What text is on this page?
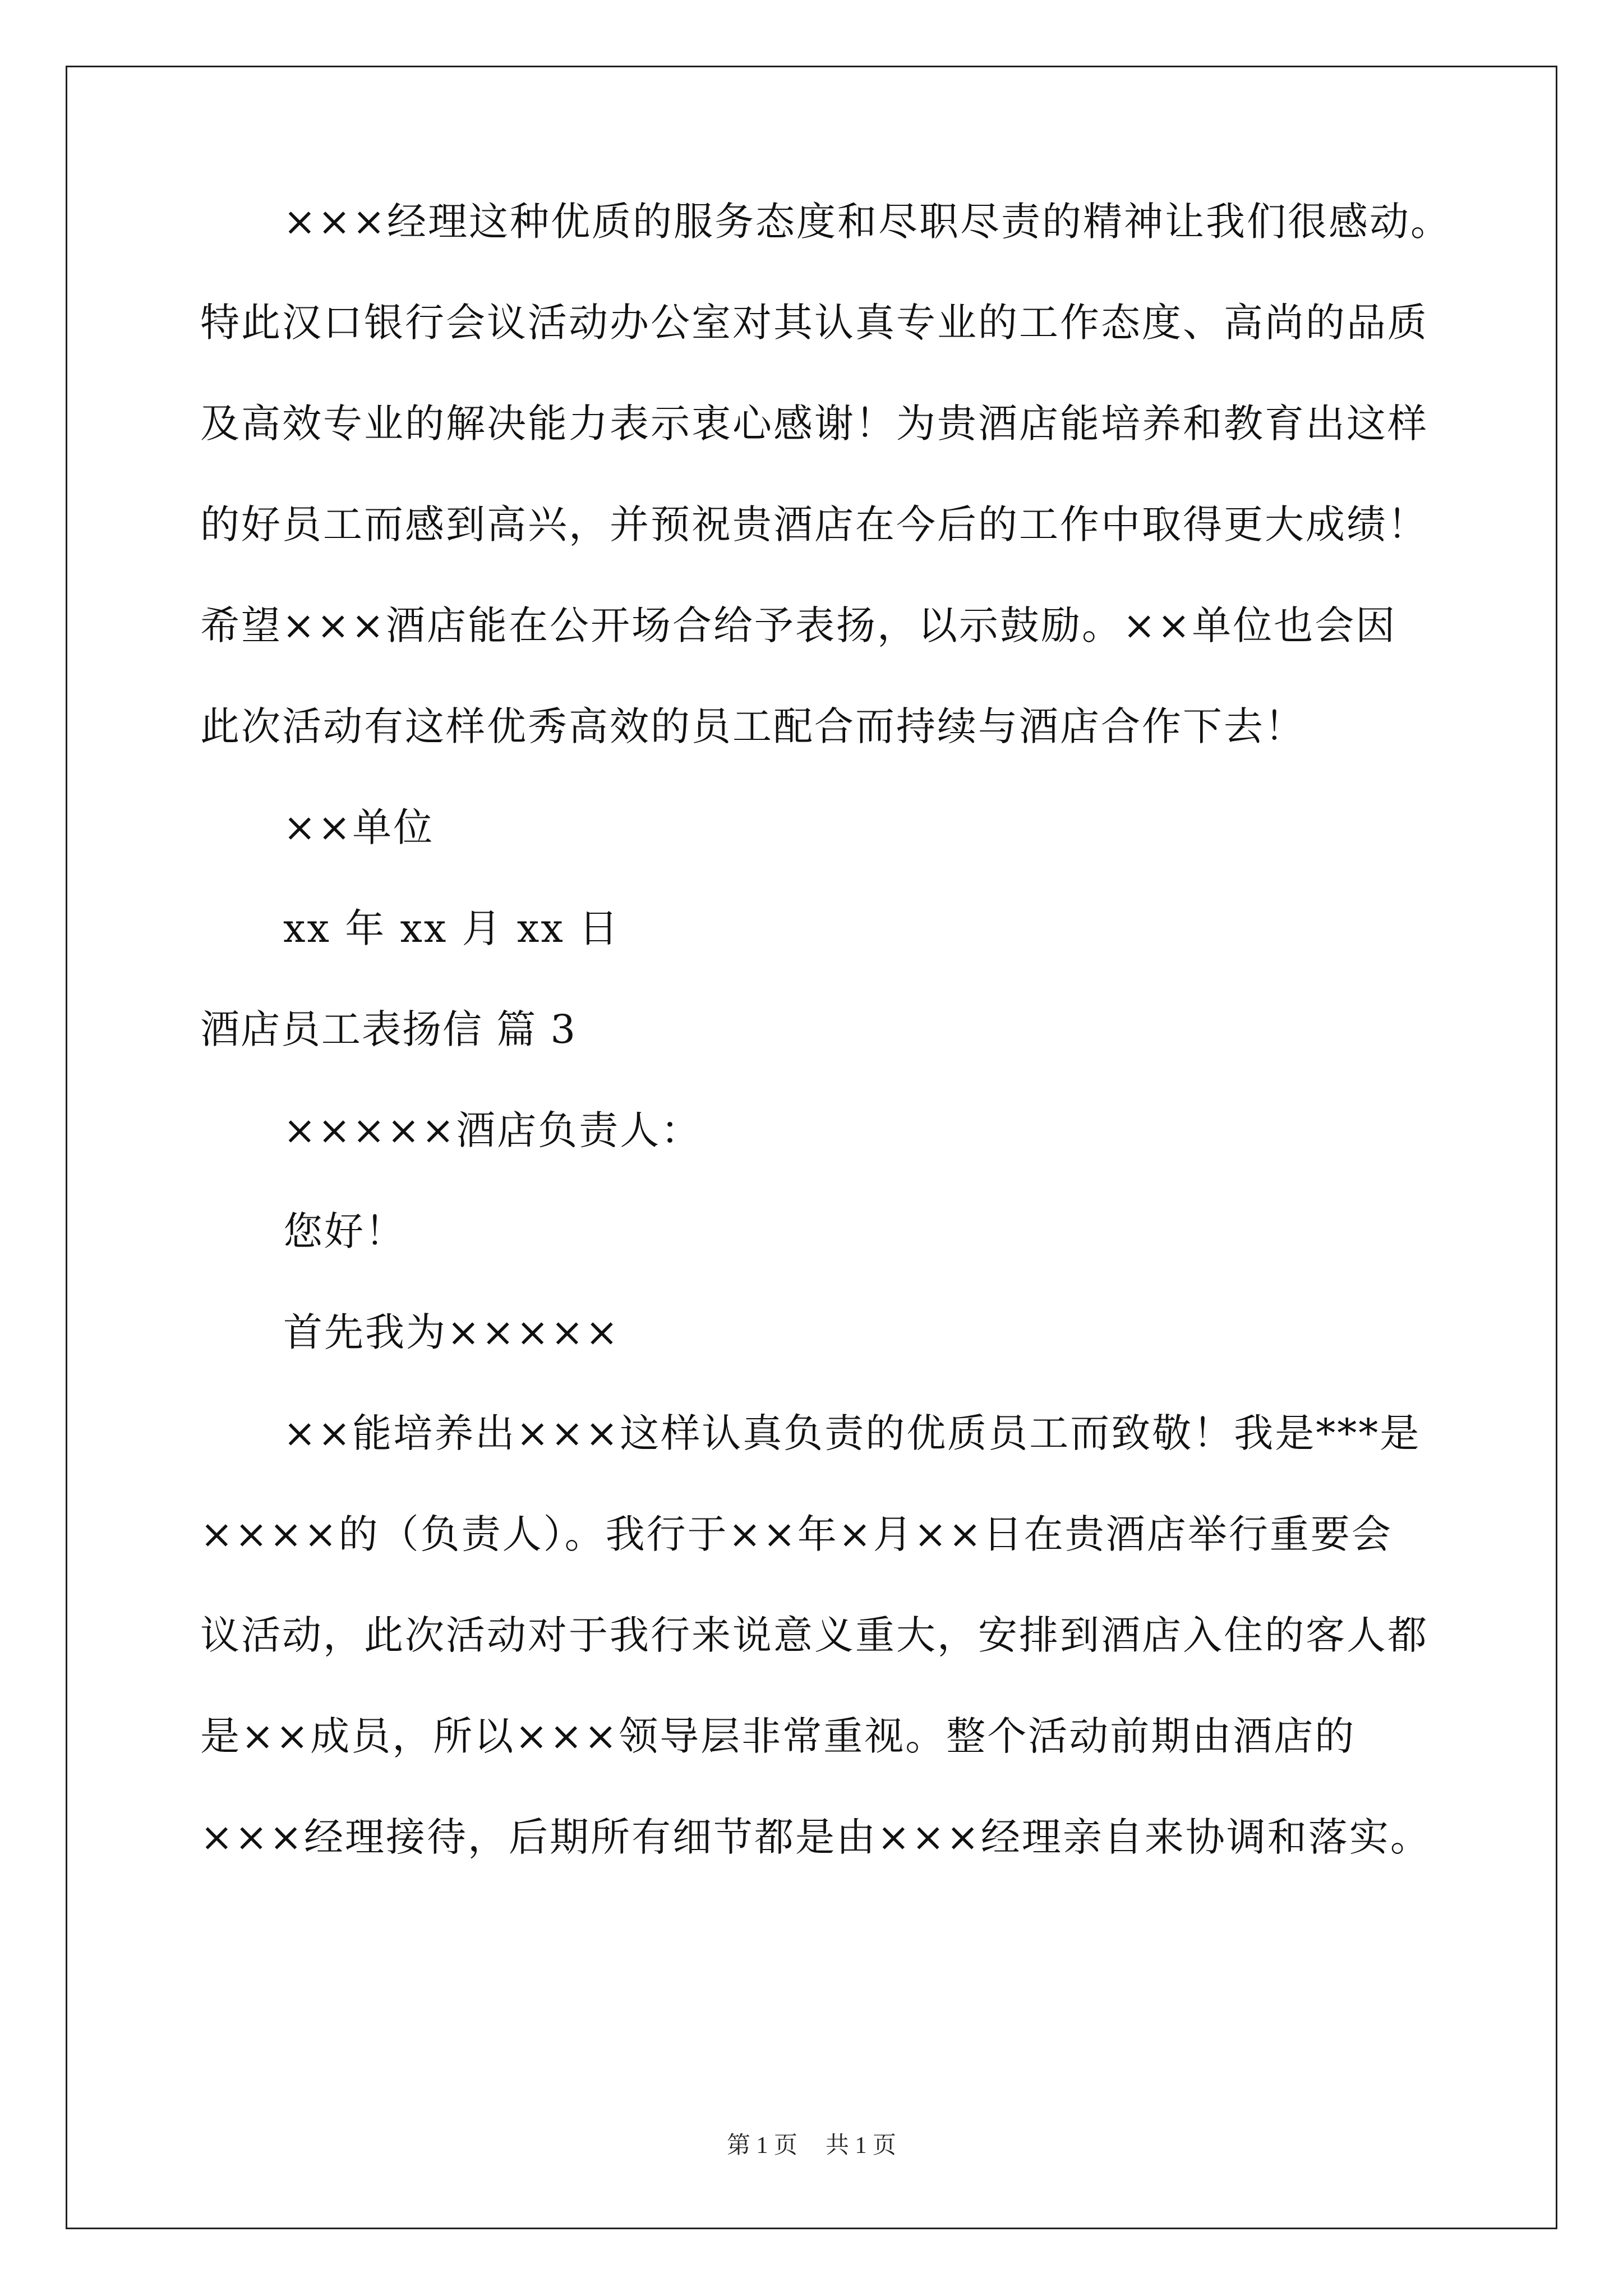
×××经理这种优质的服务态度和尽职尽责的精神让我们很感动。
特此汉口银行会议活动办公室对其认真专业的工作态度、高尚的品质
及高效专业的解决能力表示衷心感谢！为贵酒店能培养和教育出这样
的好员工而感到高兴，并预祝贵酒店在今后的工作中取得更大成绩！
希望×××酒店能在公开场合给予表扬，以示鼓励。××单位也会因
此次活动有这样优秀高效的员工配合而持续与酒店合作下去！
××单位
xx 年 xx 月 xx 日
酒店员工表扬信 篇 3
×××××酒店负责人：
您好！
首先我为×××××
××能培养出×××这样认真负责的优质员工而致敬！我是***是
××××的（负责人）。我行于××年×月××日在贵酒店举行重要会
议活动，此次活动对于我行来说意义重大，安排到酒店入住的客人都
是××成员，所以×××领导层非常重视。整个活动前期由酒店的
×××经理接待，后期所有细节都是由×××经理亲自来协调和落实。
第 1 页 共 1 页
